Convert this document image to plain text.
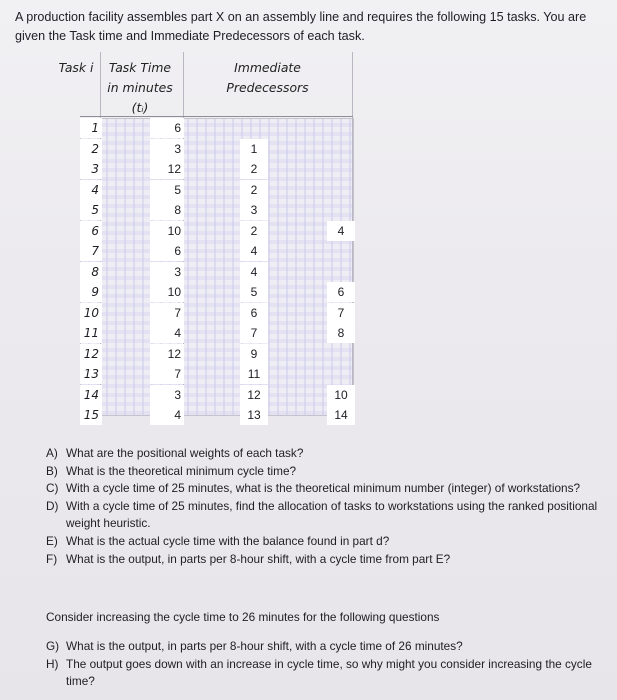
A production facility assembles part X on an assembly line and requires the following 15 tasks. You are given the Task time and Immediate Predecessors of each task.
Task i	Task Time
in minutes
(tᵢ)
Immediate
Predecessors
1	6
2	3	1
3	12	2
4	5	2
5	8	3
6	10	2	4
7	6	4
8	3	4
9	10	5	6
10	7	6	7
11	4	7	8
12	12	9
13	7	11
14	3	12	10
15	4	13	14
A) What are the positional weights of each task?
B) What is the theoretical minimum cycle time?
C) With a cycle time of 25 minutes, what is the theoretical minimum number (integer) of workstations?
D) With a cycle time of 25 minutes, find the allocation of tasks to workstations using the ranked positional weight heuristic.
E) What is the actual cycle time with the balance found in part d?
F) What is the output, in parts per 8-hour shift, with a cycle time from part E?
Consider increasing the cycle time to 26 minutes for the following questions
G) What is the output, in parts per 8-hour shift, with a cycle time of 26 minutes?
H) The output goes down with an increase in cycle time, so why might you consider increasing the cycle time?
